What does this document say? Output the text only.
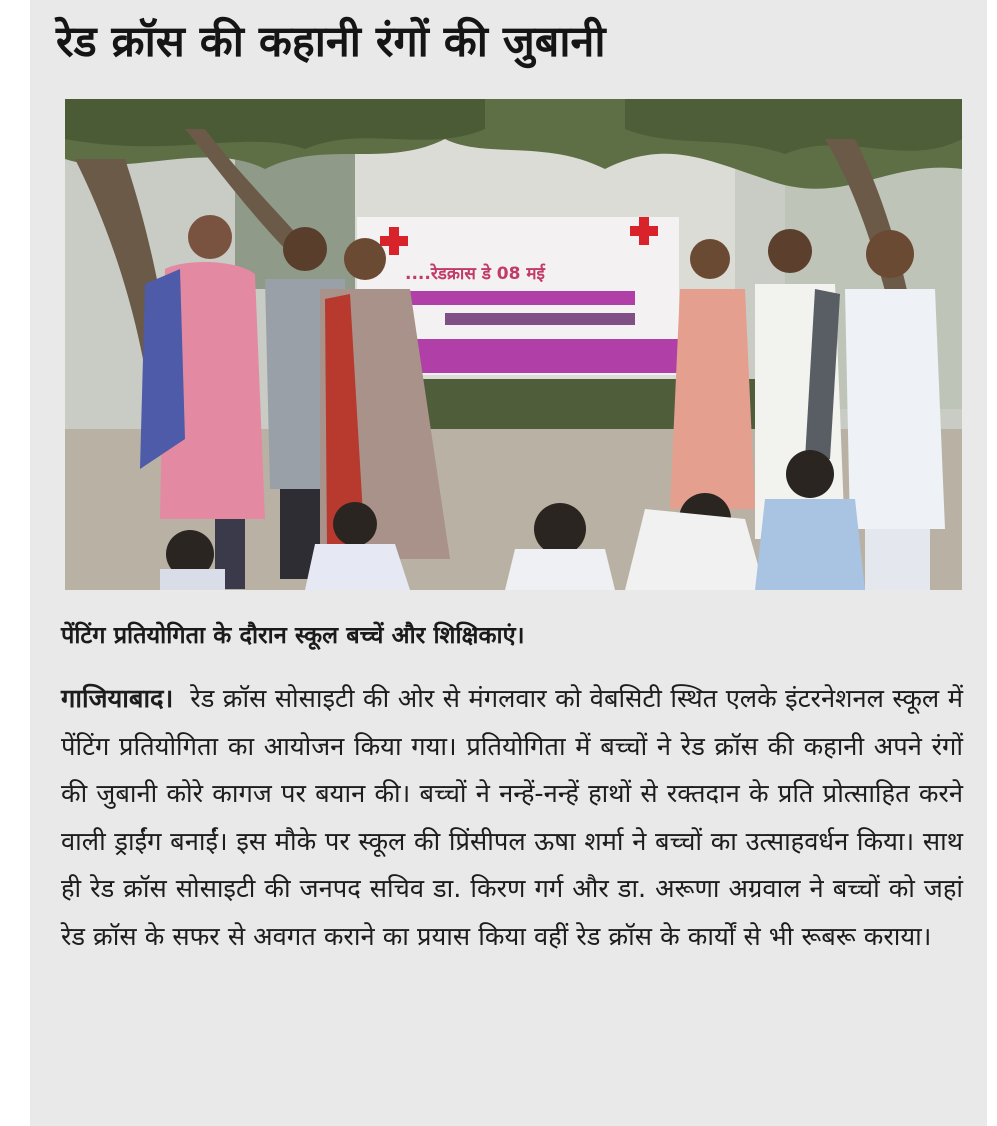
रेड क्रॉस की कहानी रंगों की जुबानी
....रेडक्रास डे 08 मई
पेंटिंग प्रतियोगिता के दौरान स्कूल बच्चें और शिक्षिकाएं।
गाजियाबाद। रेड क्रॉस सोसाइटी की ओर से मंगलवार को वेबसिटी स्थित एलके इंटरनेशनल स्कूल में पेंटिंग प्रतियोगिता का आयोजन किया गया। प्रतियोगिता में बच्चों ने रेड क्रॉस की कहानी अपने रंगों की जुबानी कोरे कागज पर बयान की। बच्चों ने नन्हें-नन्हें हाथों से रक्तदान के प्रति प्रोत्साहित करने वाली ड्राईंग बनाईं। इस मौके पर स्कूल की प्रिंसीपल ऊषा शर्मा ने बच्चों का उत्साहवर्धन किया। साथ ही रेड क्रॉस सोसाइटी की जनपद सचिव डा. किरण गर्ग और डा. अरूणा अग्रवाल ने बच्चों को जहां रेड क्रॉस के सफर से अवगत कराने का प्रयास किया वहीं रेड क्रॉस के कार्यों से भी रूबरू कराया।
